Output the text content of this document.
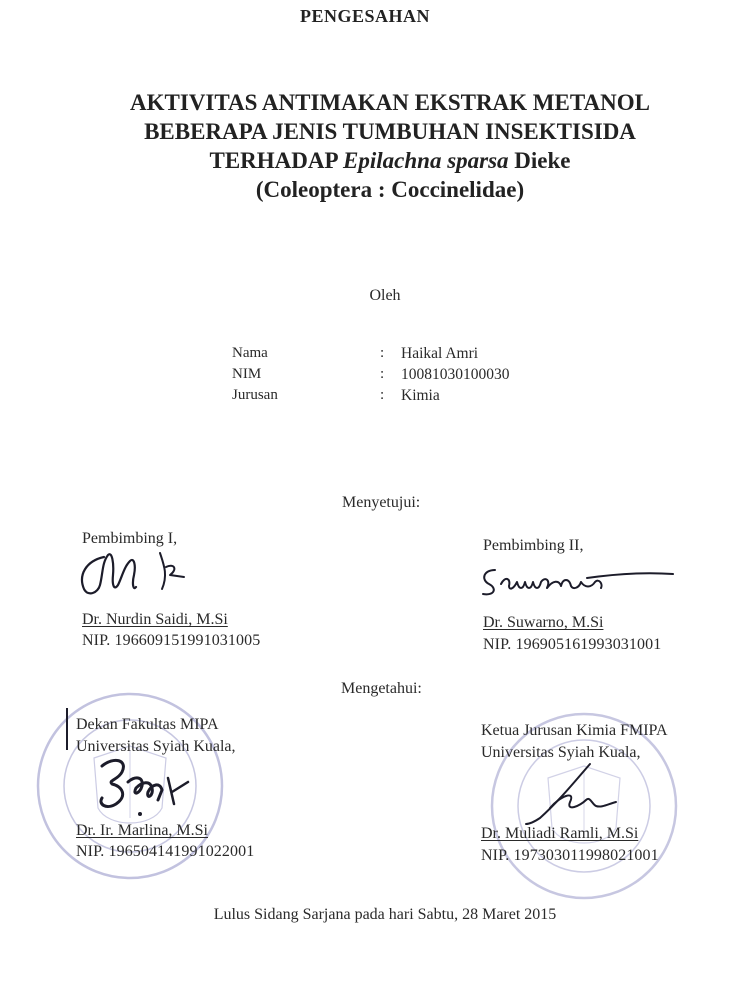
PENGESAHAN
AKTIVITAS ANTIMAKAN EKSTRAK METANOL
BEBERAPA JENIS TUMBUHAN INSEKTISIDA
TERHADAP Epilachna sparsa Dieke
(Coleoptera : Coccinelidae)
Oleh
Nama	: Haikal Amri
NIM	: 10081030100030
Jurusan	: Kimia
Menyetujui:
Pembimbing I,
Dr. Nurdin Saidi, M.Si
NIP. 196609151991031005
Pembimbing II,
Dr. Suwarno, M.Si
NIP. 196905161993031001
Mengetahui:
Dekan Fakultas MIPA
Universitas Syiah Kuala,
Dr. Ir. Marlina, M.Si
NIP. 196504141991022001
Ketua Jurusan Kimia FMIPA
Universitas Syiah Kuala,
Dr. Muliadi Ramli, M.Si
NIP. 197303011998021001
Lulus Sidang Sarjana pada hari Sabtu, 28 Maret 2015
